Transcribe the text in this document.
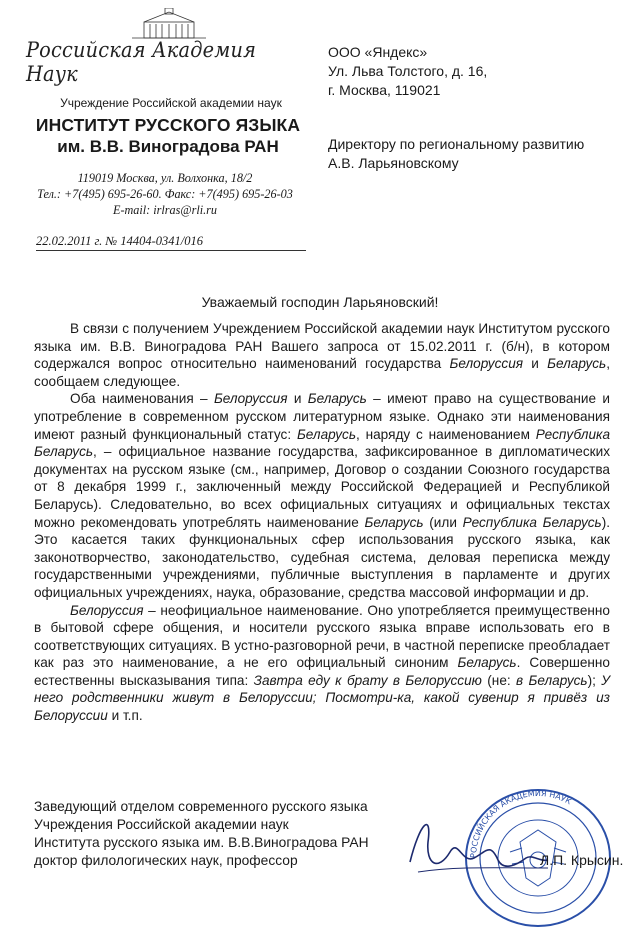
Российская Академия Наук
Учреждение Российской академии наук
ИНСТИТУТ РУССКОГО ЯЗЫКА
им. В.В. Виноградова РАН
119019 Москва, ул. Волхонка, 18/2
Тел.: +7(495) 695-26-60. Факс: +7(495) 695-26-03
E-mail: irlras@rli.ru
22.02.2011 г. № 14404-0341/016
ООО «Яндекс»
Ул. Льва Толстого, д. 16,
г. Москва, 119021
Директору по региональному развитию
А.В. Ларьяновскому
Уважаемый господин Ларьяновский!

В связи с получением Учреждением Российской академии наук Институтом русского языка им. В.В. Виноградова РАН Вашего запроса от 15.02.2011 г. (б/н), в котором содержался вопрос относительно наименований государства Белоруссия и Беларусь, сообщаем следующее.

Оба наименования – Белоруссия и Беларусь – имеют право на существование и употребление в современном русском литературном языке. Однако эти наименования имеют разный функциональный статус: Беларусь, наряду с наименованием Республика Беларусь, – официальное название государства, зафиксированное в дипломатических документах на русском языке (см., например, Договор о создании Союзного государства от 8 декабря 1999 г., заключенный между Российской Федерацией и Республикой Беларусь). Следовательно, во всех официальных ситуациях и официальных текстах можно рекомендовать употреблять наименование Беларусь (или Республика Беларусь). Это касается таких функциональных сфер использования русского языка, как законотворчество, законодательство, судебная система, деловая переписка между государственными учреждениями, публичные выступления в парламенте и других официальных учреждениях, наука, образование, средства массовой информации и др.

Белоруссия – неофициальное наименование. Оно употребляется преимущественно в бытовой сфере общения, и носители русского языка вправе использовать его в соответствующих ситуациях. В устно-разговорной речи, в частной переписке преобладает как раз это наименование, а не его официальный синоним Беларусь. Совершенно естественны высказывания типа: Завтра еду к брату в Белоруссию (не: в Беларусь); У него родственники живут в Белоруссии; Посмотри-ка, какой сувенир я привёз из Белоруссии и т.п.

Заведующий отделом современного русского языка
Учреждения Российской академии наук
Института русского языка им. В.В.Виноградова РАН
доктор филологических наук, профессор	РОССИЙСКАЯ АКАДЕМИЯ НАУК
Л.П. Крысин.
